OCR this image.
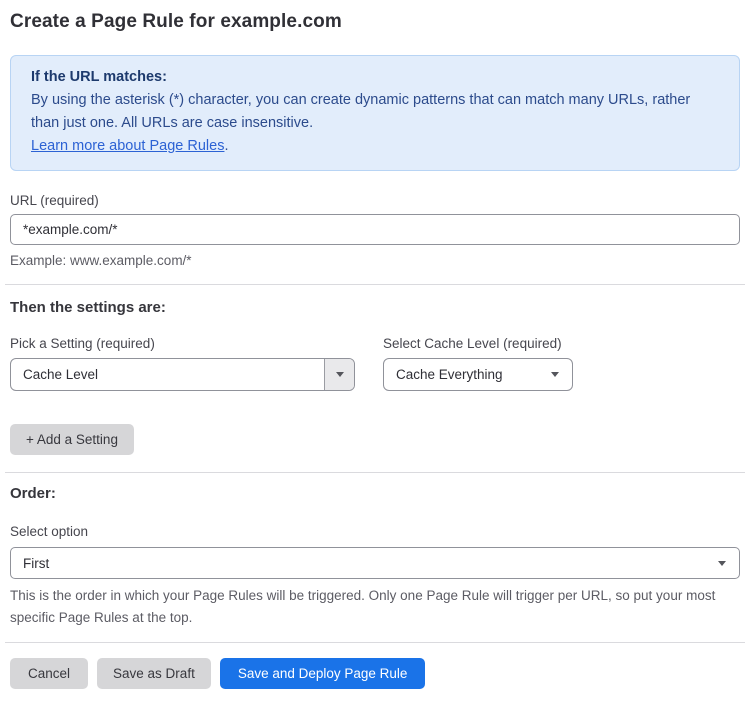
Create a Page Rule for example.com
If the URL matches:
By using the asterisk (*) character, you can create dynamic patterns that can match many URLs, rather than just one. All URLs are case insensitive.
Learn more about Page Rules.
URL (required)
*example.com/*
Example: www.example.com/*
Then the settings are:
Pick a Setting (required)
Cache Level
Select Cache Level (required)
Cache Everything
+ Add a Setting
Order:
Select option
First
This is the order in which your Page Rules will be triggered. Only one Page Rule will trigger per URL, so put your most specific Page Rules at the top.
Cancel	Save as Draft	Save and Deploy Page Rule
